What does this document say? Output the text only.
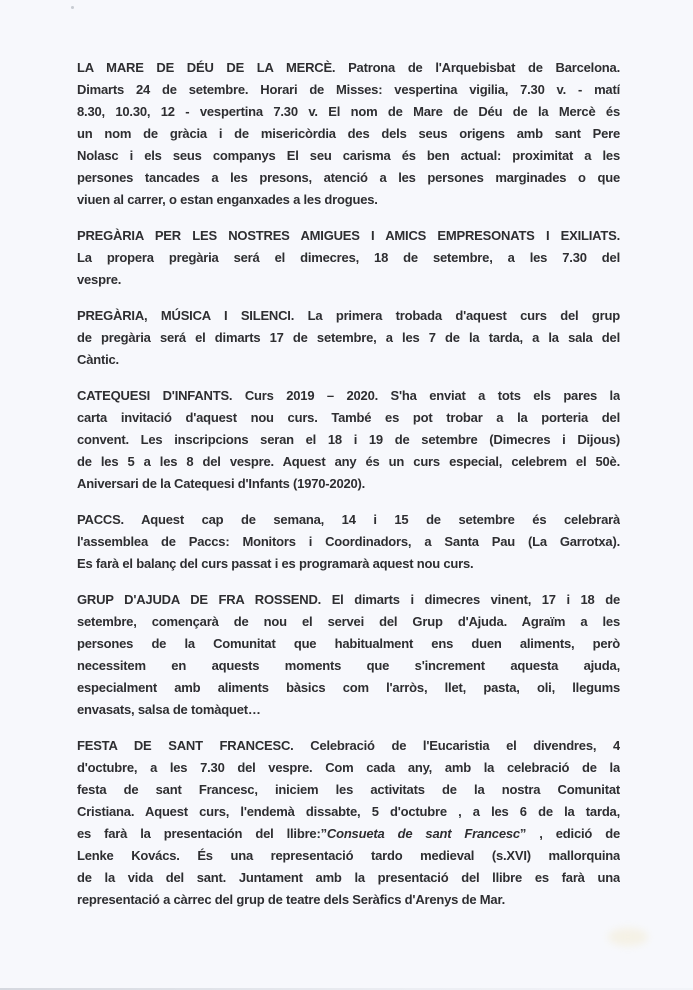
LA MARE DE DÉU DE LA MERCÈ. Patrona de l'Arquebisbat de Barcelona.
Dimarts 24 de setembre. Horari de Misses: vespertina vigilia, 7.30 v. - matí
8.30, 10.30, 12 - vespertina 7.30 v. El nom de Mare de Déu de la Mercè és
un nom de gràcia i de misericòrdia des dels seus origens amb sant Pere
Nolasc i els seus companys El seu carisma és ben actual: proximitat a les
persones tancades a les presons, atenció a les persones marginades o que
viuen al carrer, o estan enganxades a les drogues.
PREGÀRIA PER LES NOSTRES AMIGUES I AMICS EMPRESONATS I EXILIATS.
La propera pregària será el dimecres, 18 de setembre, a les 7.30 del
vespre.
PREGÀRIA, MÚSICA I SILENCI. La primera trobada d'aquest curs del grup
de pregària será el dimarts 17 de setembre, a les 7 de la tarda, a la sala del
Càntic.
CATEQUESI D'INFANTS. Curs 2019 – 2020. S'ha enviat a tots els pares la
carta invitació d'aquest nou curs. També es pot trobar a la porteria del
convent. Les inscripcions seran el 18 i 19 de setembre (Dimecres i Dijous)
de les 5 a les 8 del vespre. Aquest any és un curs especial, celebrem el 50è.
Aniversari de la Catequesi d'Infants (1970-2020).
PACCS. Aquest cap de semana, 14 i 15 de setembre és celebrarà
l'assemblea de Paccs: Monitors i Coordinadors, a Santa Pau (La Garrotxa).
Es farà el balanç del curs passat i es programarà aquest nou curs.
GRUP D'AJUDA DE FRA ROSSEND. El dimarts i dimecres vinent, 17 i 18 de
setembre, començarà de nou el servei del Grup d'Ajuda. Agraïm a les
persones de la Comunitat que habitualment ens duen aliments, però
necessitem en aquests moments que s'increment aquesta ajuda,
especialment amb aliments bàsics com l'arròs, llet, pasta, oli, llegums
envasats, salsa de tomàquet…
FESTA DE SANT FRANCESC. Celebració de l'Eucaristia el divendres, 4
d'octubre, a les 7.30 del vespre. Com cada any, amb la celebració de la
festa de sant Francesc, iniciem les activitats de la nostra Comunitat
Cristiana. Aquest curs, l'endemà dissabte, 5 d'octubre , a les 6 de la tarda,
es farà la presentación del llibre:”Consueta de sant Francesc” , edició de
Lenke Kovács. És una representació tardo medieval (s.XVI) mallorquina
de la vida del sant. Juntament amb la presentació del llibre es farà una
representació a càrrec del grup de teatre dels Seràfics d'Arenys de Mar.
